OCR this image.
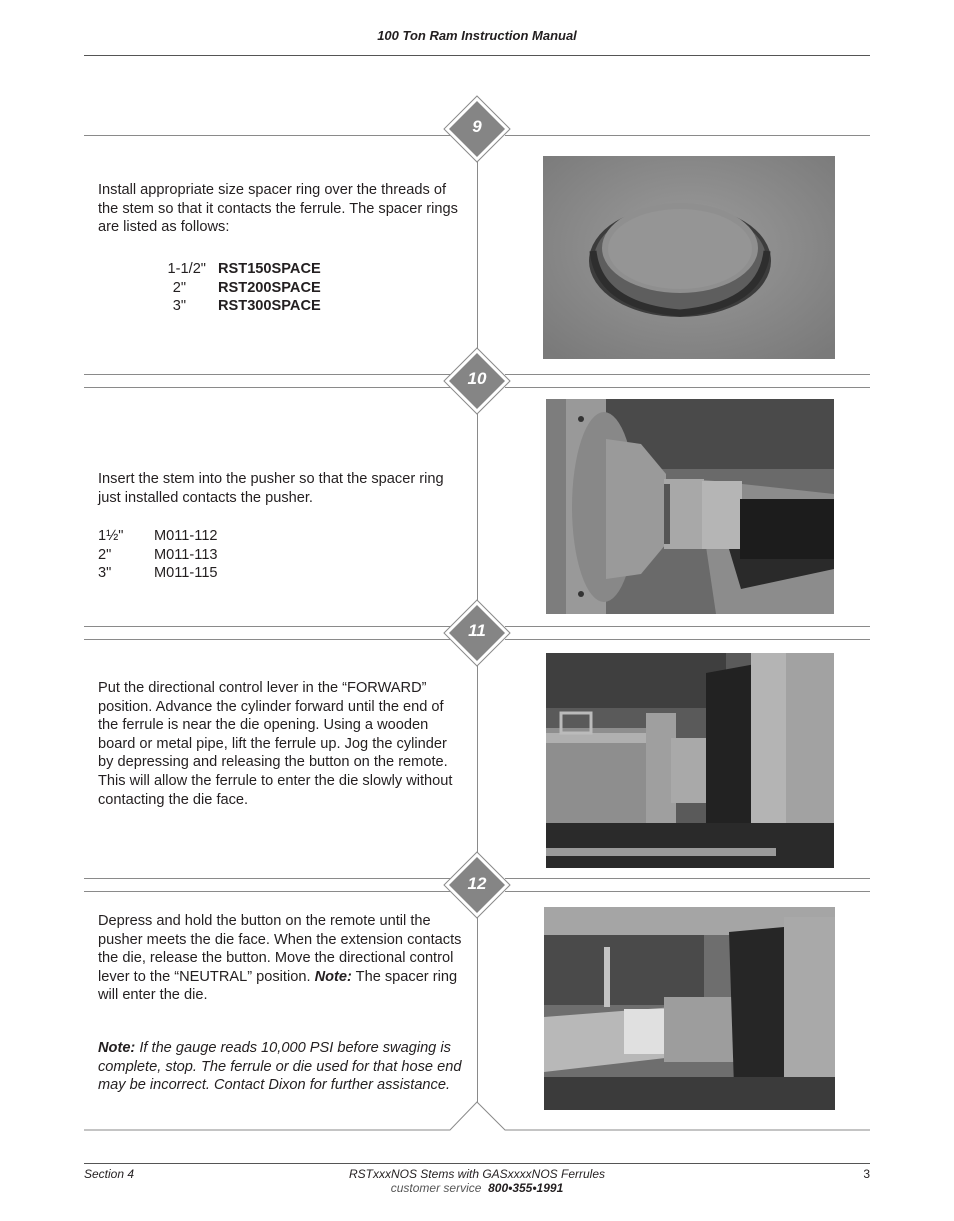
100 Ton Ram Instruction Manual
9
10
11
12
Install appropriate size spacer ring over the threads of the stem so that it contacts the ferrule. The spacer rings are listed as follows:
1-1/2"	RST150SPACE
2"	RST200SPACE
3"	RST300SPACE
Insert the stem into the pusher so that the spacer ring just installed contacts the pusher.
1½"	M011-112
2"	M011-113
3"	M011-115
Put the directional control lever in the “FORWARD” position. Advance the cylinder forward until the end of the ferrule is near the die opening. Using a wooden board or metal pipe, lift the ferrule up. Jog the cylinder by depressing and releasing the button on the remote. This will allow the ferrule to enter the die slowly without contacting the die face.
Depress and hold the button on the remote until the pusher meets the die face. When the extension contacts the die, release the button. Move the directional control lever to the “NEUTRAL” position. Note: The spacer ring will enter the die.
Note: If the gauge reads 10,000 PSI before swaging is complete, stop. The ferrule or die used for that hose end may be incorrect. Contact Dixon for further assistance.
Section 4	RSTxxxNOS Stems with GASxxxxNOS Ferrules
customer service 800•355•1991
3
